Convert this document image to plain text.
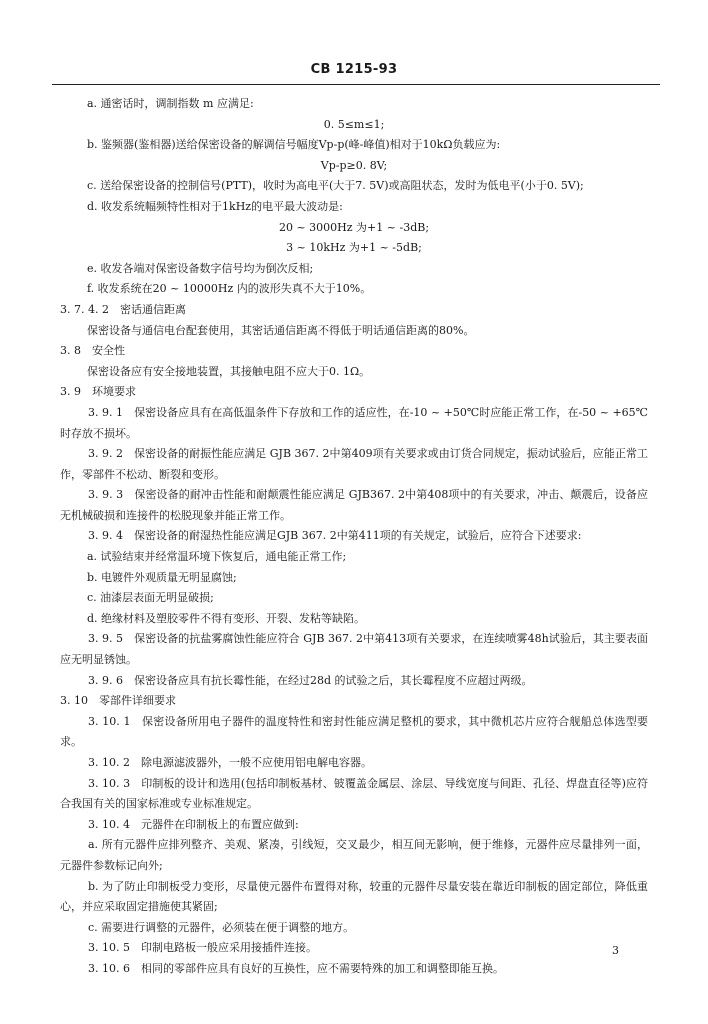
CB 1215-93
a. 通密话时，调制指数 m 应满足:
0. 5≤m≤1;
b. 鉴频器(鉴相器)送给保密设备的解调信号幅度Vp-p(峰-峰值)相对于10kΩ负载应为:
Vp-p≥0. 8V;
c. 送给保密设备的控制信号(PTT)，收时为高电平(大于7. 5V)或高阻状态，发时为低电平(小于0. 5V);
d. 收发系统幅频特性相对于1kHz的电平最大波动是:
20 ~ 3000Hz 为+1 ~ -3dB;
3 ~ 10kHz 为+1 ~ -5dB;
e. 收发各端对保密设备数字信号均为倒次反相;
f. 收发系统在20 ~ 10000Hz 内的波形失真不大于10%。
3. 7. 4. 2　密话通信距离
保密设备与通信电台配套使用，其密话通信距离不得低于明话通信距离的80%。
3. 8　安全性
保密设备应有安全接地装置，其接触电阻不应大于0. 1Ω。
3. 9　环境要求
3. 9. 1　保密设备应具有在高低温条件下存放和工作的适应性，在-10 ~ +50℃时应能正常工作，在-50 ~ +65℃时存放不损坏。
3. 9. 2　保密设备的耐振性能应满足 GJB 367. 2中第409项有关要求或由订货合同规定，振动试验后，应能正常工作，零部件不松动、断裂和变形。
3. 9. 3　保密设备的耐冲击性能和耐颠震性能应满足 GJB367. 2中第408项中的有关要求，冲击、颠震后，设备应无机械破损和连接件的松脱现象并能正常工作。
3. 9. 4　保密设备的耐湿热性能应满足GJB 367. 2中第411项的有关规定，试验后，应符合下述要求:
a. 试验结束并经常温环境下恢复后，通电能正常工作;
b. 电镀件外观质量无明显腐蚀;
c. 油漆层表面无明显破损;
d. 绝缘材料及塑胶零件不得有变形、开裂、发粘等缺陷。
3. 9. 5　保密设备的抗盐雾腐蚀性能应符合 GJB 367. 2中第413项有关要求，在连续喷雾48h试验后，其主要表面应无明显锈蚀。
3. 9. 6　保密设备应具有抗长霉性能，在经过28d 的试验之后，其长霉程度不应超过两级。
3. 10　零部件详细要求
3. 10. 1　保密设备所用电子器件的温度特性和密封性能应满足整机的要求，其中微机芯片应符合舰船总体选型要求。
3. 10. 2　除电源滤波器外，一般不应使用铝电解电容器。
3. 10. 3　印制板的设计和选用(包括印制板基材、铍覆盖金属层、涂层、导线宽度与间距、孔径、焊盘直径等)应符合我国有关的国家标准或专业标准规定。
3. 10. 4　元器件在印制板上的布置应做到:
a. 所有元器件应排列整齐、美观、紧凑，引线短，交叉最少，相互间无影响，便于维修，元器件应尽量排列一面，元器件参数标记向外;
b. 为了防止印制板受力变形，尽量使元器件布置得对称，较重的元器件尽量安装在靠近印制板的固定部位，降低重心，并应采取固定措施使其紧固;
c. 需要进行调整的元器件，必须装在便于调整的地方。
3. 10. 5　印制电路板一般应采用接插件连接。
3. 10. 6　相同的零部件应具有良好的互换性，应不需要特殊的加工和调整即能互换。
3
